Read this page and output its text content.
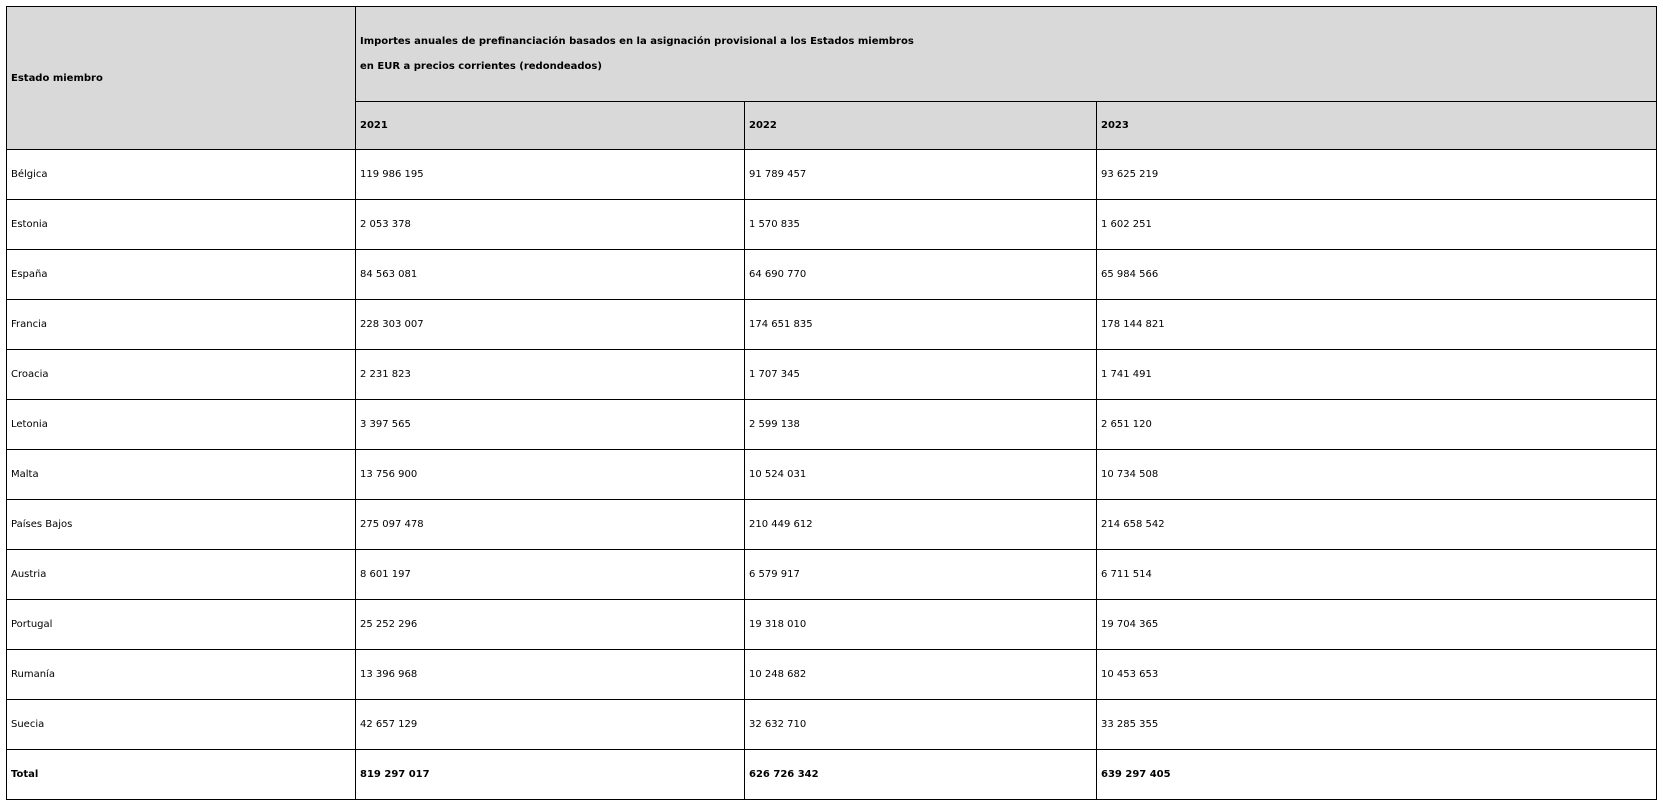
Estado miembro	Importes anuales de prefinanciación basados en la asignación provisional a los Estados miembros
en EUR a precios corrientes (redondeados)		

	2021	2022	2023
Bélgica	119 986 195	91 789 457	93 625 219
Estonia	2 053 378	1 570 835	1 602 251
España	84 563 081	64 690 770	65 984 566
Francia	228 303 007	174 651 835	178 144 821
Croacia	2 231 823	1 707 345	1 741 491
Letonia	3 397 565	2 599 138	2 651 120
Malta	13 756 900	10 524 031	10 734 508
Países Bajos	275 097 478	210 449 612	214 658 542
Austria	8 601 197	6 579 917	6 711 514
Portugal	25 252 296	19 318 010	19 704 365
Rumanía	13 396 968	10 248 682	10 453 653
Suecia	42 657 129	32 632 710	33 285 355
Total	819 297 017	626 726 342	639 297 405
